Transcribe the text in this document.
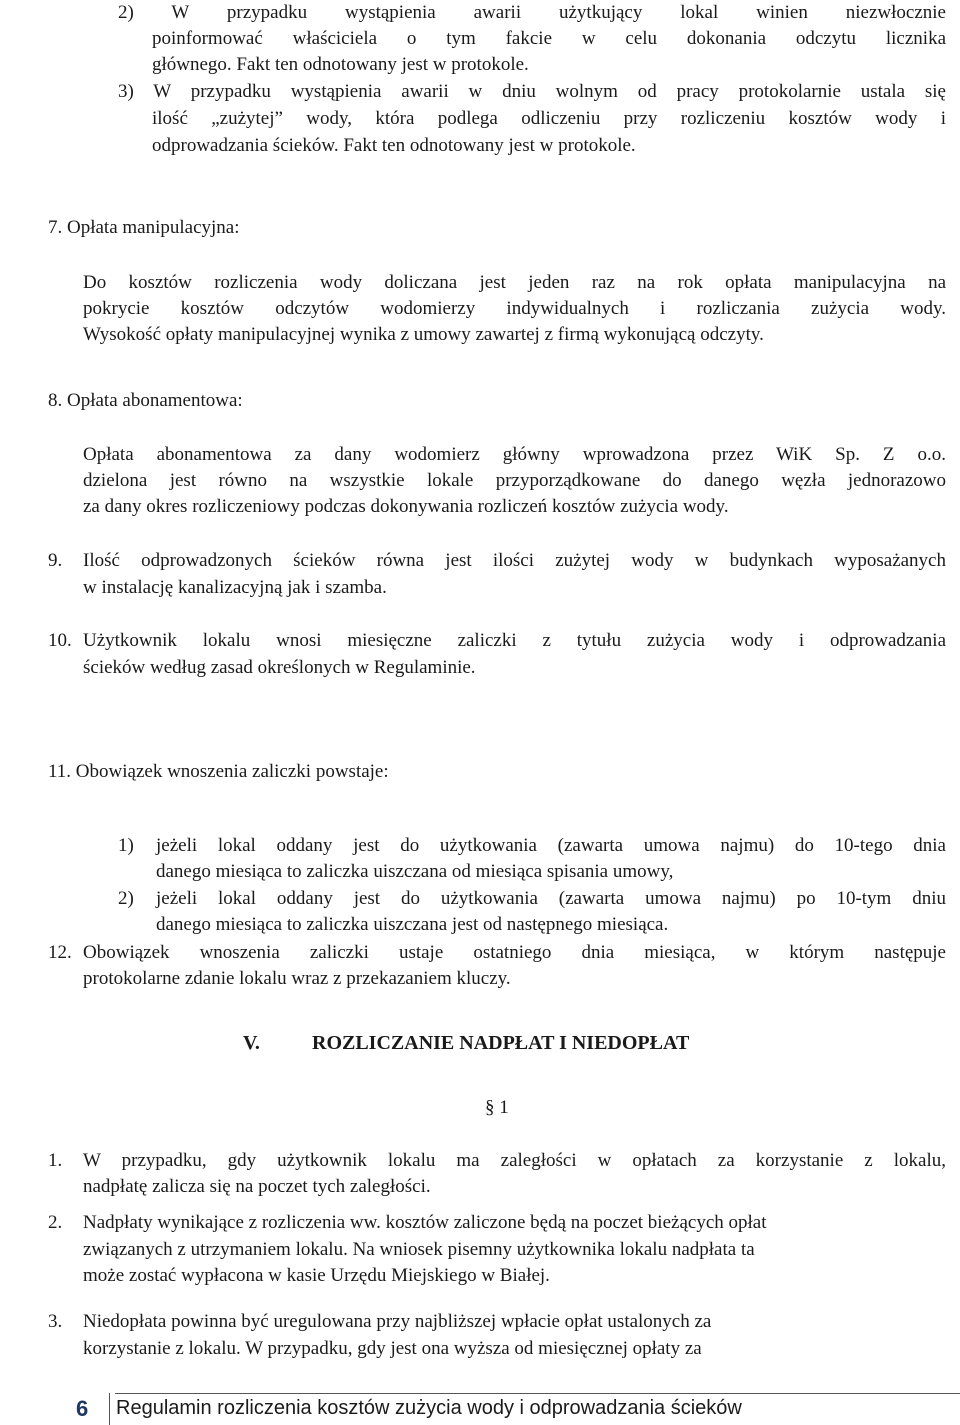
2) W przypadku wystąpienia awarii użytkujący lokal winien niezwłocznie
poinformować właściciela o tym fakcie w celu dokonania odczytu licznika
głównego. Fakt ten odnotowany jest w protokole.
3) W przypadku wystąpienia awarii w dniu wolnym od pracy protokolarnie ustala się
ilość „zużytej” wody, która podlega odliczeniu przy rozliczeniu kosztów wody i
odprowadzania ścieków. Fakt ten odnotowany jest w protokole.
7. Opłata manipulacyjna:
Do kosztów rozliczenia wody doliczana jest jeden raz na rok opłata manipulacyjna na
pokrycie kosztów odczytów wodomierzy indywidualnych i rozliczania zużycia wody.
Wysokość opłaty manipulacyjnej wynika z umowy zawartej z firmą wykonującą odczyty.
8. Opłata abonamentowa:
Opłata abonamentowa za dany wodomierz główny wprowadzona przez WiK Sp. Z o.o.
dzielona jest równo na wszystkie lokale przyporządkowane do danego węzła jednorazowo
za dany okres rozliczeniowy podczas dokonywania rozliczeń kosztów zużycia wody.
9. Ilość odprowadzonych ścieków równa jest ilości zużytej wody w budynkach wyposażanych
w instalację kanalizacyjną jak i szamba.
10. Użytkownik lokalu wnosi miesięczne zaliczki z tytułu zużycia wody i odprowadzania
ścieków według zasad określonych w Regulaminie.
11. Obowiązek wnoszenia zaliczki powstaje:
1) jeżeli lokal oddany jest do użytkowania (zawarta umowa najmu) do 10-tego dnia
danego miesiąca to zaliczka uiszczana od miesiąca spisania umowy,
2) jeżeli lokal oddany jest do użytkowania (zawarta umowa najmu) po 10-tym dniu
danego miesiąca to zaliczka uiszczana jest od następnego miesiąca.
12. Obowiązek wnoszenia zaliczki ustaje ostatniego dnia miesiąca, w którym następuje
protokolarne zdanie lokalu wraz z przekazaniem kluczy.
V.	ROZLICZANIE NADPŁAT I NIEDOPŁAT
§ 1
1. W przypadku, gdy użytkownik lokalu ma zaległości w opłatach za korzystanie z lokalu,
nadpłatę zalicza się na poczet tych zaległości.
2. Nadpłaty wynikające z rozliczenia ww. kosztów zaliczone będą na poczet bieżących opłat
związanych z utrzymaniem lokalu. Na wniosek pisemny użytkownika lokalu nadpłata ta
może zostać wypłacona w kasie Urzędu Miejskiego w Białej.
3. Niedopłata powinna być uregulowana przy najbliższej wpłacie opłat ustalonych za
korzystanie z lokalu. W przypadku, gdy jest ona wyższa od miesięcznej opłaty za
6 Regulamin rozliczenia kosztów zużycia wody i odprowadzania ścieków
